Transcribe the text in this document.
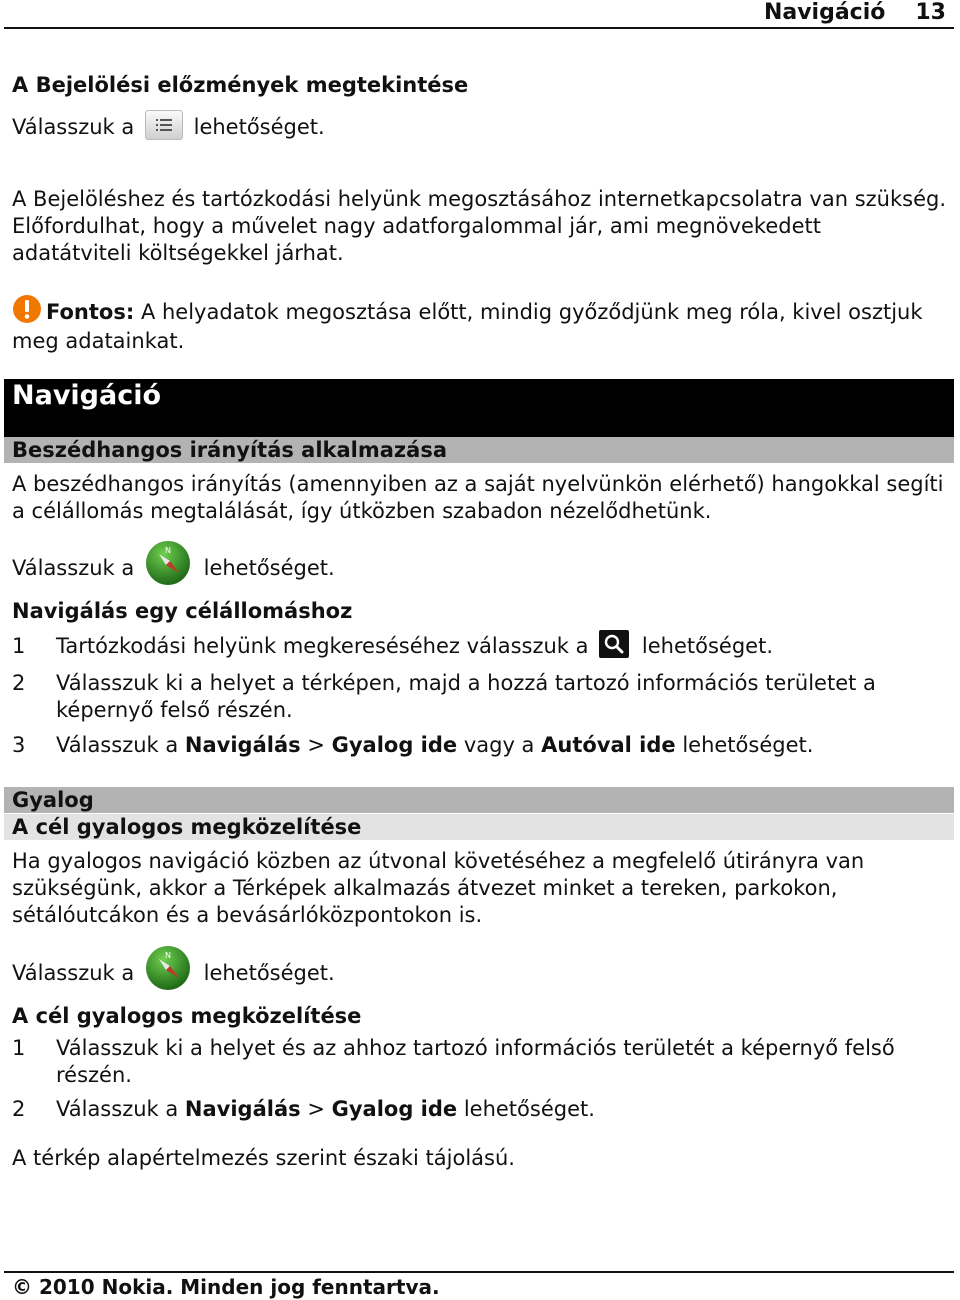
Navigáció 13
A Bejelölési előzmények megtekintése
Válasszuk a	lehetőséget.
A Bejelöléshez és tartózkodási helyünk megosztásához internetkapcsolatra van szükség. Előfordulhat, hogy a művelet nagy adatforgalommal jár, ami megnövekedett adatátviteli költségekkel járhat.
Fontos: A helyadatok megosztása előtt, mindig győződjünk meg róla, kivel osztjuk meg adatainkat.
Navigáció
Beszédhangos irányítás alkalmazása
A beszédhangos irányítás (amennyiben az a saját nyelvünkön elérhető) hangokkal segíti a célállomás megtalálását, így útközben szabadon nézelődhetünk.
Válasszuk a
N
lehetőséget.
Navigálás egy célállomáshoz
1	Tartózkodási helyünk megkereséséhez válasszuk a	lehetőséget.
2	Válasszuk ki a helyet a térképen, majd a hozzá tartozó információs területet a képernyő felső részén.
3	Válasszuk a Navigálás > Gyalog ide vagy a Autóval ide lehetőséget.
Gyalog
A cél gyalogos megközelítése
Ha gyalogos navigáció közben az útvonal követéséhez a megfelelő útirányra van szükségünk, akkor a Térképek alkalmazás átvezet minket a tereken, parkokon, sétálóutcákon és a bevásárlóközpontokon is.
Válasszuk a
N
lehetőséget.
A cél gyalogos megközelítése
1	Válasszuk ki a helyet és az ahhoz tartozó információs területét a képernyő felső részén.
2	Válasszuk a Navigálás > Gyalog ide lehetőséget.
A térkép alapértelmezés szerint északi tájolású.
© 2010 Nokia. Minden jog fenntartva.
